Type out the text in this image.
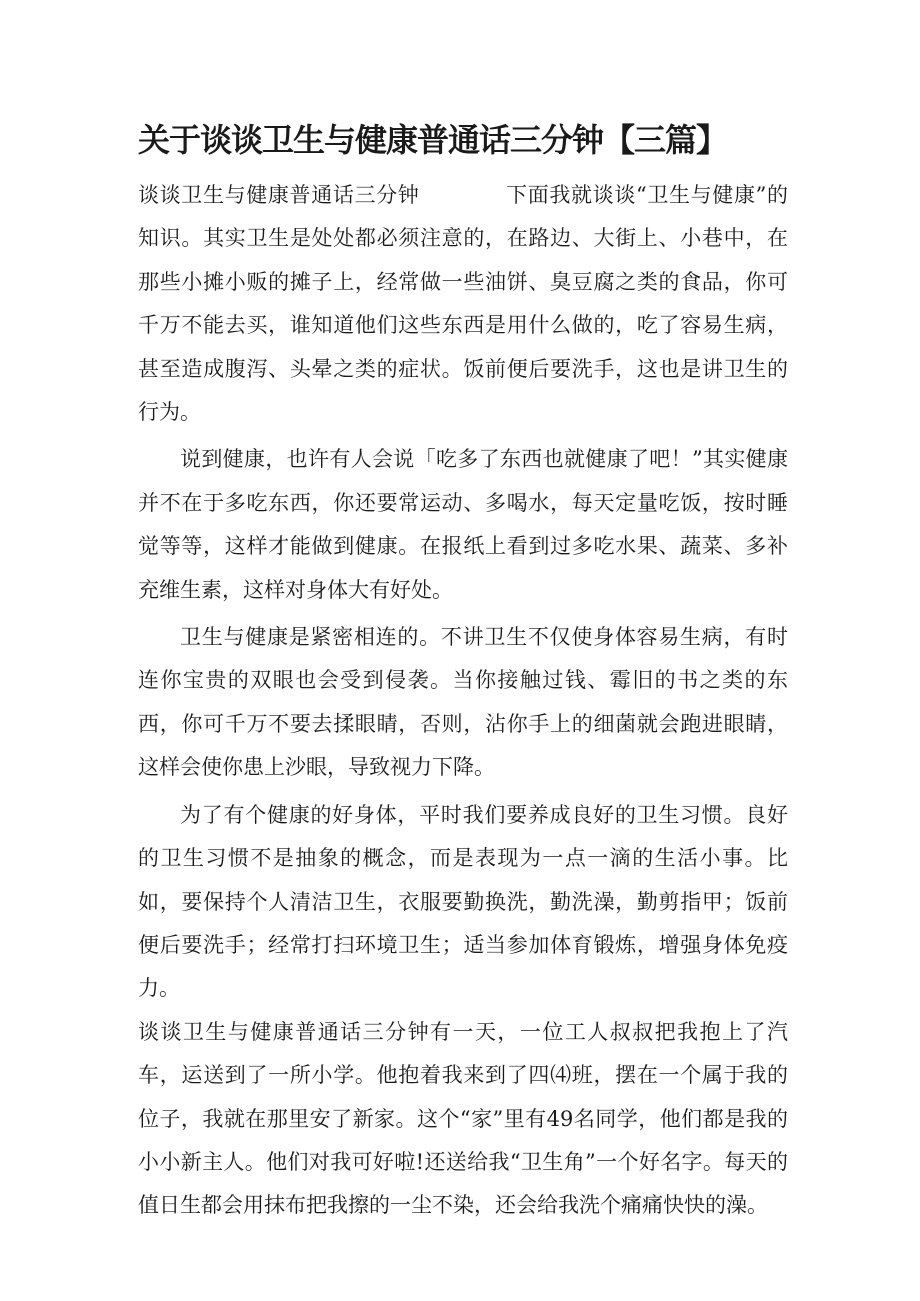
关于谈谈卫生与健康普通话三分钟【三篇】

谈谈卫生与健康普通话三分钟	下面我就谈谈“卫生与健康”的知识。其实卫生是处处都必须注意的，在路边、大街上、小巷中，在那些小摊小贩的摊子上，经常做一些油饼、臭豆腐之类的食品，你可千万不能去买，谁知道他们这些东西是用什么做的，吃了容易生病，甚至造成腹泻、头晕之类的症状。饭前便后要洗手，这也是讲卫生的行为。

说到健康，也许有人会说「吃多了东西也就健康了吧！”其实健康并不在于多吃东西，你还要常运动、多喝水，每天定量吃饭，按时睡觉等等，这样才能做到健康。在报纸上看到过多吃水果、蔬菜、多补充维生素，这样对身体大有好处。

卫生与健康是紧密相连的。不讲卫生不仅使身体容易生病，有时连你宝贵的双眼也会受到侵袭。当你接触过钱、霉旧的书之类的东西，你可千万不要去揉眼睛，否则，沾你手上的细菌就会跑进眼睛，这样会使你患上沙眼，导致视力下降。

为了有个健康的好身体，平时我们要养成良好的卫生习惯。良好的卫生习惯不是抽象的概念，而是表现为一点一滴的生活小事。比如，要保持个人清洁卫生，衣服要勤换洗，勤洗澡，勤剪指甲；饭前便后要洗手；经常打扫环境卫生；适当参加体育锻炼，增强身体免疫力。

谈谈卫生与健康普通话三分钟有一天，一位工人叔叔把我抱上了汽车，运送到了一所小学。他抱着我来到了四⑷班，摆在一个属于我的位子，我就在那里安了新家。这个“家”里有49名同学，他们都是我的小小新主人。他们对我可好啦!还送给我“卫生角”一个好名字。每天的值日生都会用抹布把我擦的一尘不染，还会给我洗个痛痛快快的澡。
